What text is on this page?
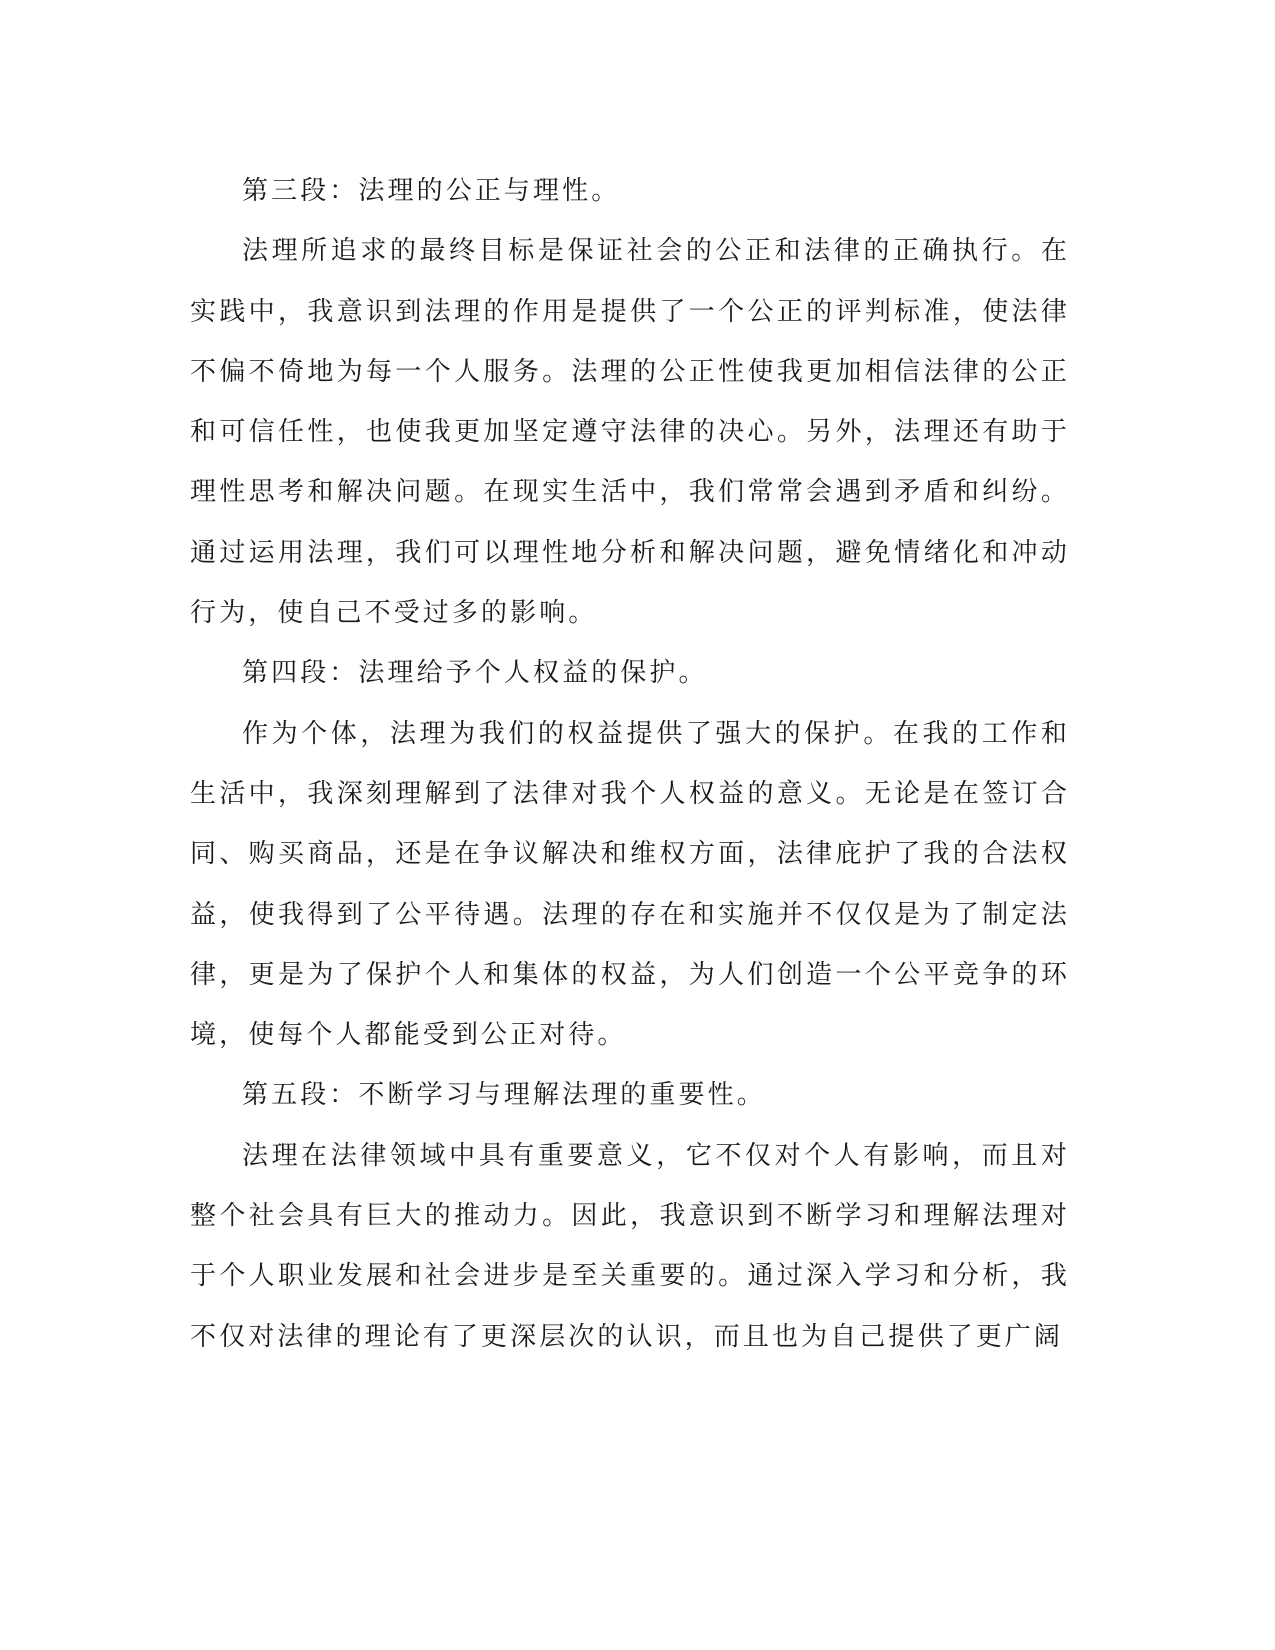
第三段：法理的公正与理性。

法理所追求的最终目标是保证社会的公正和法律的正确执行。在实践中，我意识到法理的作用是提供了一个公正的评判标准，使法律不偏不倚地为每一个人服务。法理的公正性使我更加相信法律的公正和可信任性，也使我更加坚定遵守法律的决心。另外，法理还有助于理性思考和解决问题。在现实生活中，我们常常会遇到矛盾和纠纷。通过运用法理，我们可以理性地分析和解决问题，避免情绪化和冲动行为，使自己不受过多的影响。

第四段：法理给予个人权益的保护。

作为个体，法理为我们的权益提供了强大的保护。在我的工作和生活中，我深刻理解到了法律对我个人权益的意义。无论是在签订合同、购买商品，还是在争议解决和维权方面，法律庇护了我的合法权益，使我得到了公平待遇。法理的存在和实施并不仅仅是为了制定法律，更是为了保护个人和集体的权益，为人们创造一个公平竞争的环境，使每个人都能受到公正对待。

第五段：不断学习与理解法理的重要性。

法理在法律领域中具有重要意义，它不仅对个人有影响，而且对整个社会具有巨大的推动力。因此，我意识到不断学习和理解法理对于个人职业发展和社会进步是至关重要的。通过深入学习和分析，我不仅对法律的理论有了更深层次的认识，而且也为自己提供了更广阔
